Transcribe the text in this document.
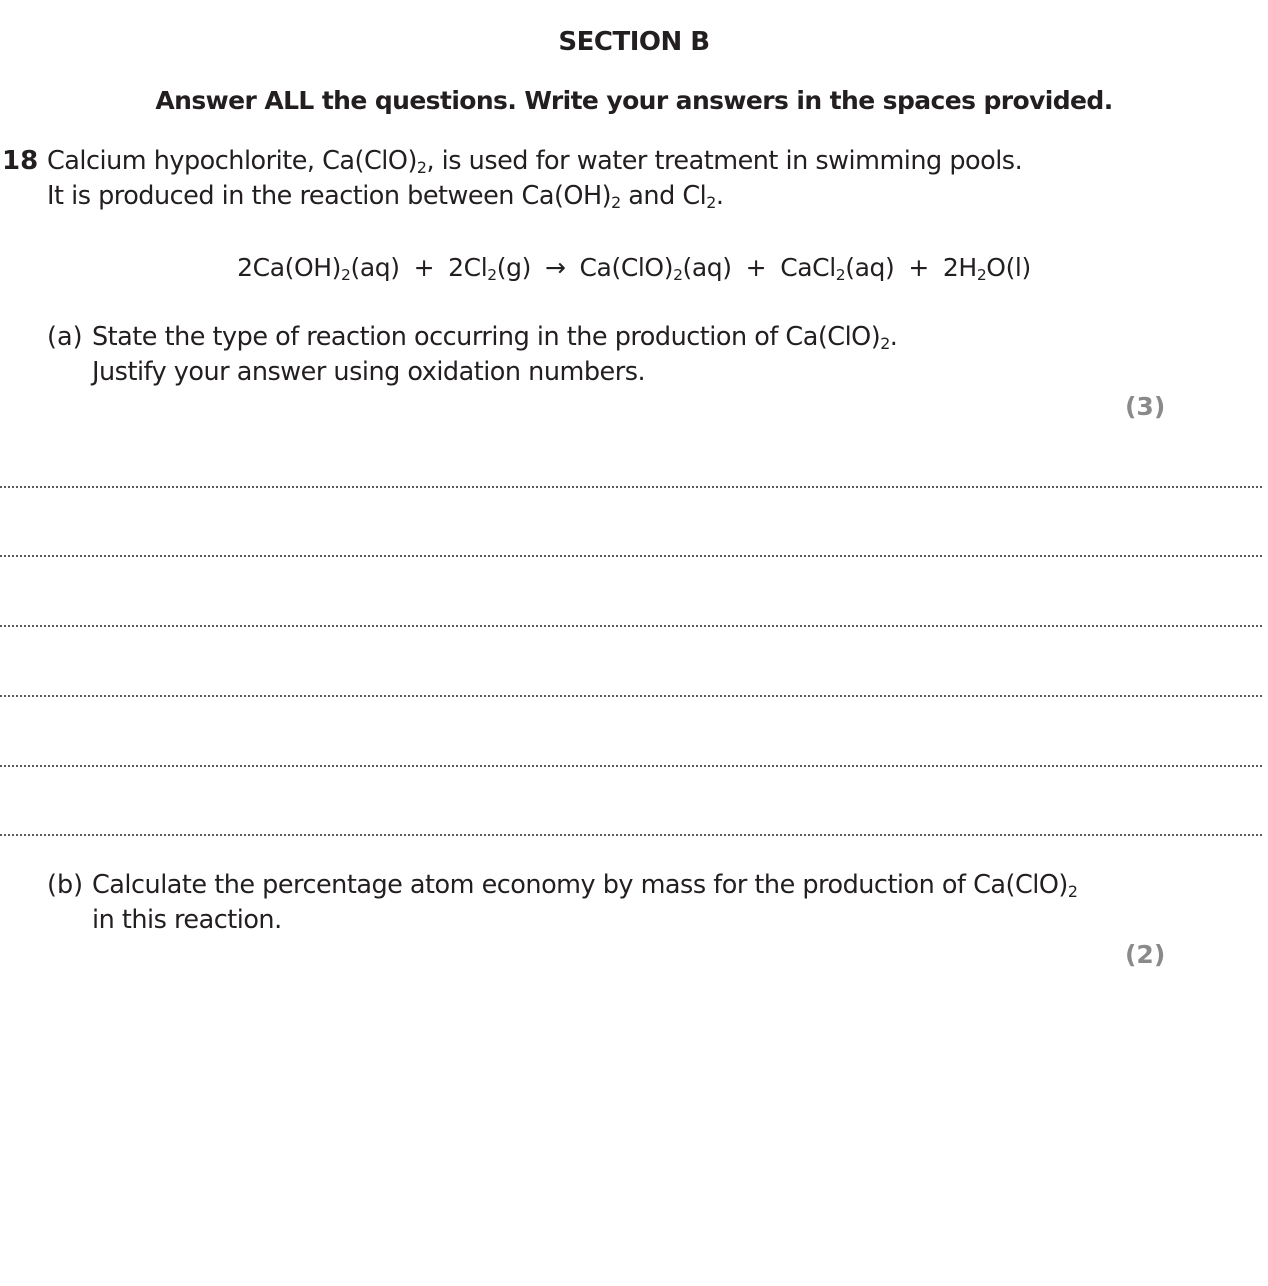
SECTION B
Answer ALL the questions. Write your answers in the spaces provided.
18 Calcium hypochlorite, $Ca(ClO)_2$, is used for water treatment in swimming pools.
It is produced in the reaction between $Ca(OH)_2$ and $Cl_2$.
$2Ca(OH)_2(aq) + 2Cl_2(g) \to Ca(ClO)_2(aq)$ + CaCl$_2$(aq) + $2H_2O(l)$
(a) State the type of reaction occurring in the production of $Ca(ClO)_2$.
Justify your answer using oxidation numbers.
(3)
(b) Calculate the percentage atom economy by mass for the production of $Ca(ClO)_2$
in this reaction.
(2)
